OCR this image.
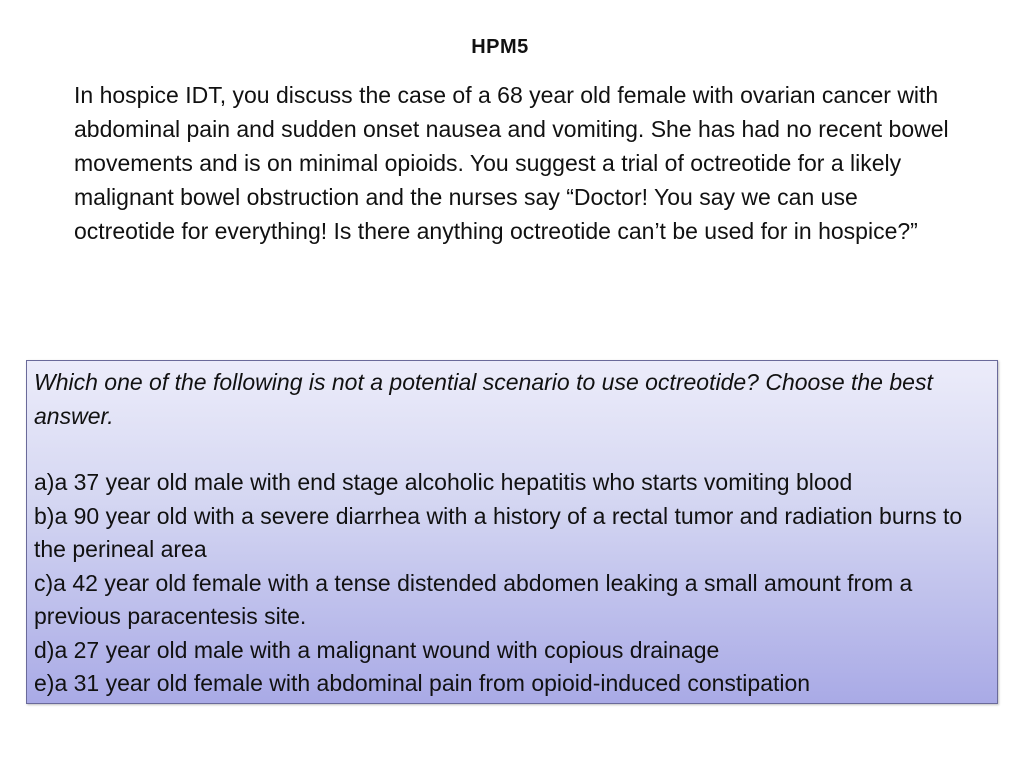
HPM5

In hospice IDT, you discuss the case of a 68 year old female with ovarian cancer with abdominal pain and sudden onset nausea and vomiting. She has had no recent bowel movements and is on minimal opioids. You suggest a trial of octreotide for a likely malignant bowel obstruction and the nurses say “Doctor! You say we can use octreotide for everything! Is there anything octreotide can’t be used for in hospice?”

Which one of the following is not a potential scenario to use octreotide? Choose the best answer.

a)a 37 year old male with end stage alcoholic hepatitis who starts vomiting blood
b)a 90 year old with a severe diarrhea with a history of a rectal tumor and radiation burns to the perineal area
c)a 42 year old female with a tense distended abdomen leaking a small amount from a previous paracentesis site.
d)a 27 year old male with a malignant wound with copious drainage
e)a 31 year old female with abdominal pain from opioid-induced constipation
